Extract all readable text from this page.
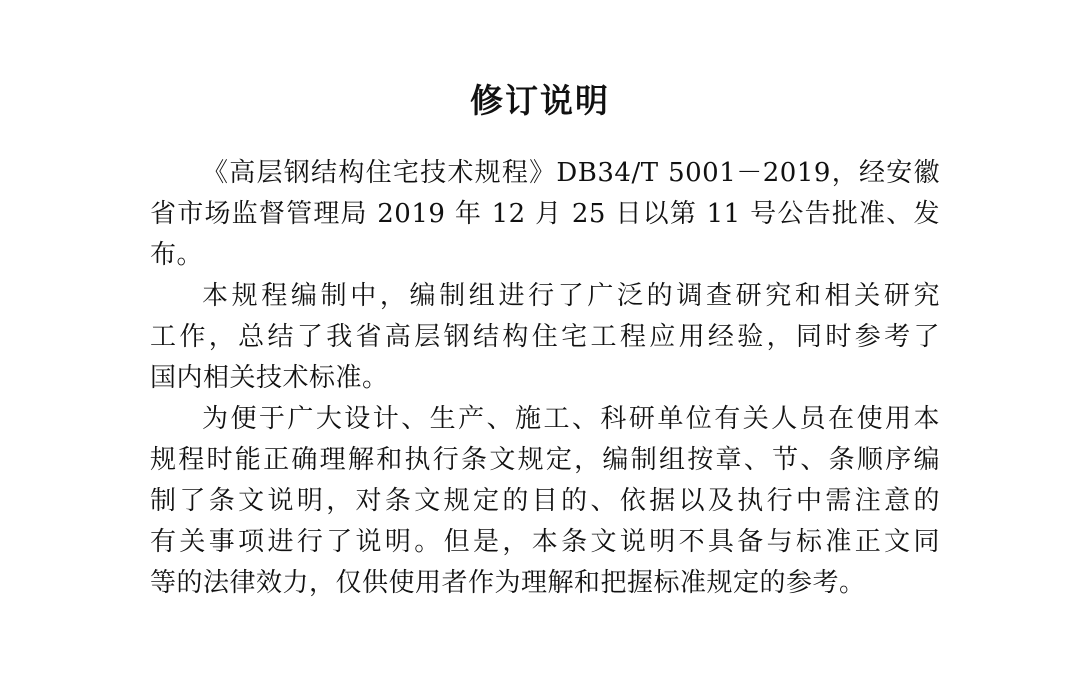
修订说明
《高层钢结构住宅技术规程》DB34/T 5001－2019，经安徽
省市场监督管理局 2019 年 12 月 25 日以第 11 号公告批准、发
布。
本规程编制中，编制组进行了广泛的调查研究和相关研究
工作，总结了我省高层钢结构住宅工程应用经验，同时参考了
国内相关技术标准。
为便于广大设计、生产、施工、科研单位有关人员在使用本
规程时能正确理解和执行条文规定，编制组按章、节、条顺序编
制了条文说明，对条文规定的目的、依据以及执行中需注意的
有关事项进行了说明。但是，本条文说明不具备与标准正文同
等的法律效力，仅供使用者作为理解和把握标准规定的参考。
